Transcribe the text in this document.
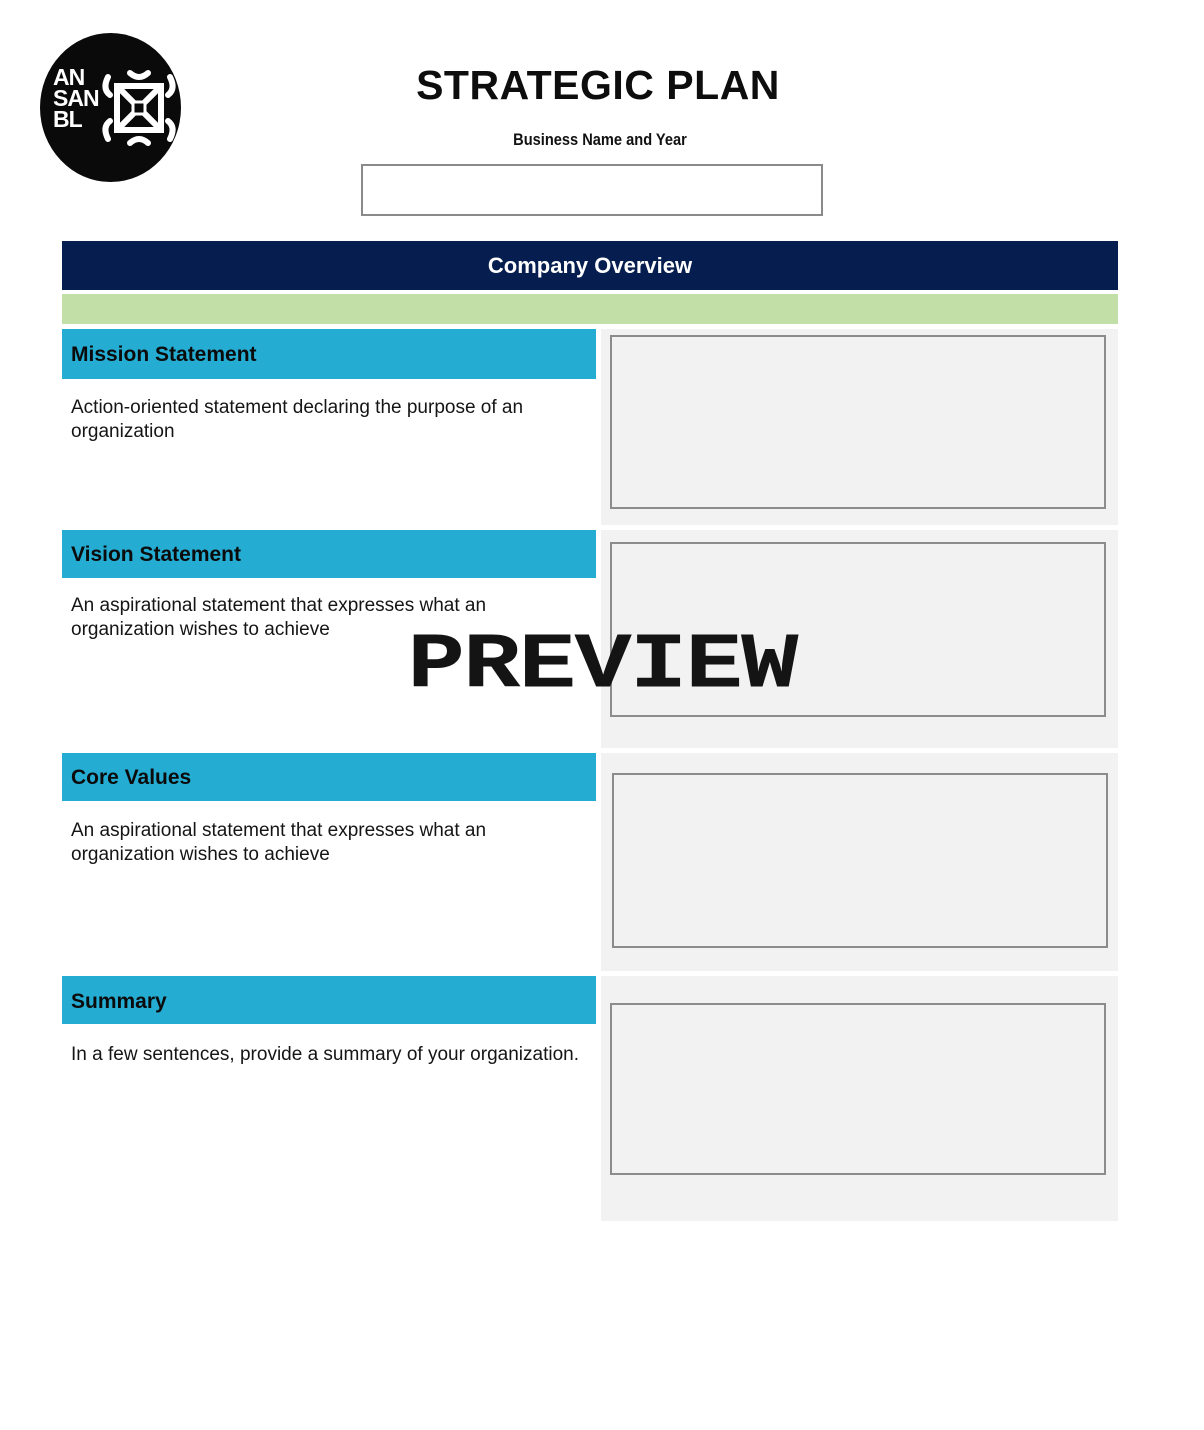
AN
SAN
BL
STRATEGIC PLAN
Business Name and Year
Company Overview
Mission Statement
Action-oriented statement declaring the purpose of an organization
Vision Statement
An aspirational statement that expresses what an organization wishes to achieve
Core Values
An aspirational statement that expresses what an organization wishes to achieve
Summary
In a few sentences, provide a summary of your organization.
PREVIEW
